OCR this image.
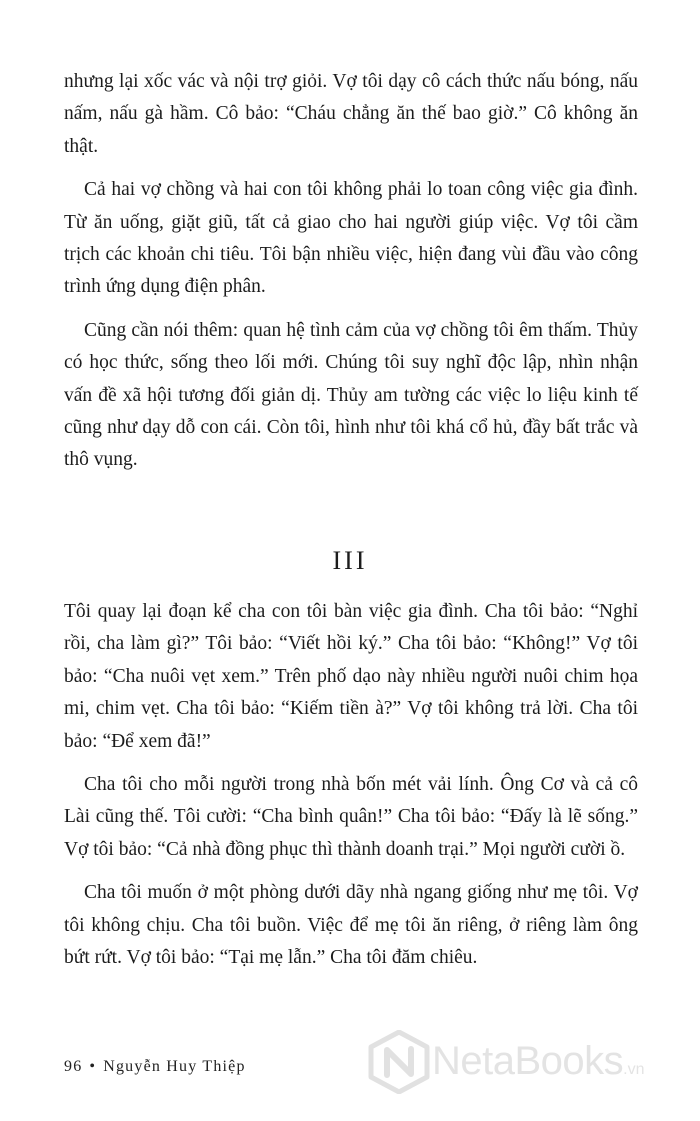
nhưng lại xốc vác và nội trợ giỏi. Vợ tôi dạy cô cách thức nấu bóng, nấu nấm, nấu gà hầm. Cô bảo: “Cháu chẳng ăn thế bao giờ.” Cô không ăn thật.

Cả hai vợ chồng và hai con tôi không phải lo toan công việc gia đình. Từ ăn uống, giặt giũ, tất cả giao cho hai người giúp việc. Vợ tôi cầm trịch các khoản chi tiêu. Tôi bận nhiều việc, hiện đang vùi đầu vào công trình ứng dụng điện phân.

Cũng cần nói thêm: quan hệ tình cảm của vợ chồng tôi êm thấm. Thủy có học thức, sống theo lối mới. Chúng tôi suy nghĩ độc lập, nhìn nhận vấn đề xã hội tương đối giản dị. Thủy am tường các việc lo liệu kinh tế cũng như dạy dỗ con cái. Còn tôi, hình như tôi khá cổ hủ, đầy bất trắc và thô vụng.

III

Tôi quay lại đoạn kể cha con tôi bàn việc gia đình. Cha tôi bảo: “Nghỉ rồi, cha làm gì?” Tôi bảo: “Viết hồi ký.” Cha tôi bảo: “Không!” Vợ tôi bảo: “Cha nuôi vẹt xem.” Trên phố dạo này nhiều người nuôi chim họa mi, chim vẹt. Cha tôi bảo: “Kiếm tiền à?” Vợ tôi không trả lời. Cha tôi bảo: “Để xem đã!”

Cha tôi cho mỗi người trong nhà bốn mét vải lính. Ông Cơ và cả cô Lài cũng thế. Tôi cười: “Cha bình quân!” Cha tôi bảo: “Đấy là lẽ sống.” Vợ tôi bảo: “Cả nhà đồng phục thì thành doanh trại.” Mọi người cười ồ.

Cha tôi muốn ở một phòng dưới dãy nhà ngang giống như mẹ tôi. Vợ tôi không chịu. Cha tôi buồn. Việc để mẹ tôi ăn riêng, ở riêng làm ông bứt rứt. Vợ tôi bảo: “Tại mẹ lẫn.” Cha tôi đăm chiêu.

96 • Nguyễn Huy Thiệp	NetaBooks.vn
